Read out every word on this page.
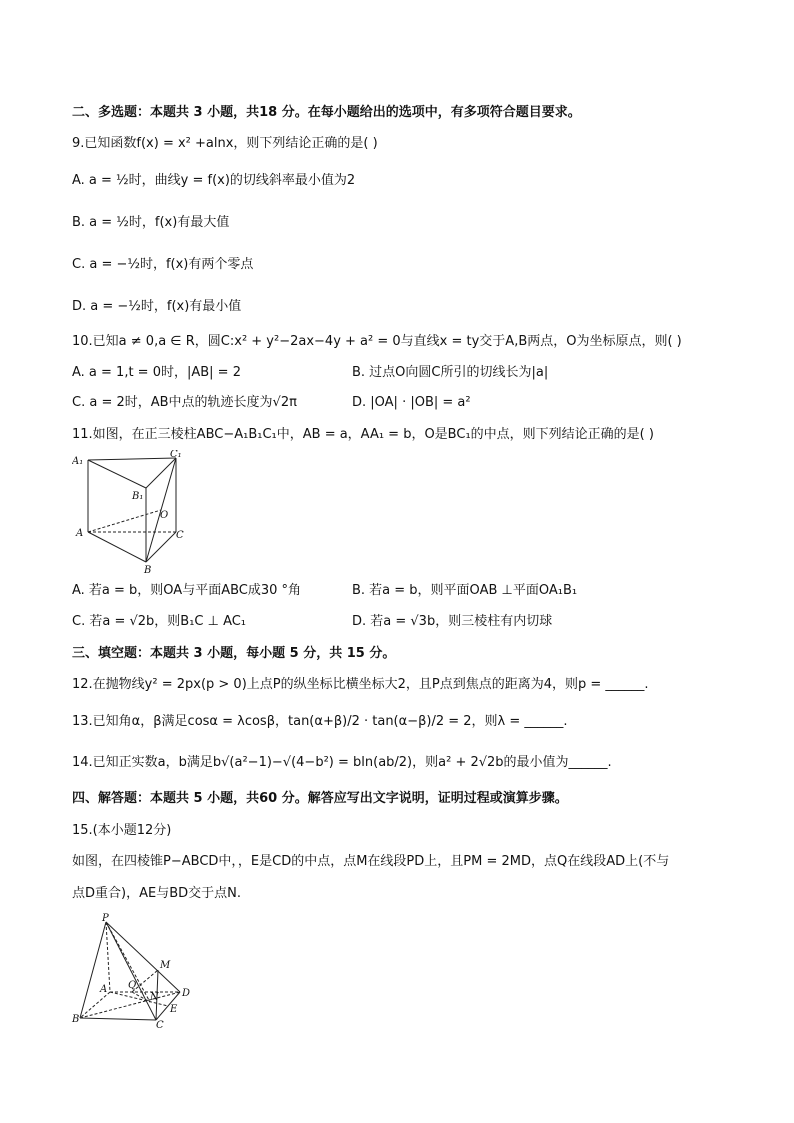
二、多选题：本题共 3 小题，共18 分。在每小题给出的选项中，有多项符合题目要求。
9.已知函数f(x) = x² +alnx，则下列结论正确的是( )
A. a = ½时，曲线y = f(x)的切线斜率最小值为2
B. a = ½时，f(x)有最大值
C. a = −½时，f(x)有两个零点
D. a = −½时，f(x)有最小值
10.已知a ≠ 0,a ∈ R，圆C:x² + y²−2ax−4y + a² = 0与直线x = ty交于A,B两点，O为坐标原点，则( )
A. a = 1,t = 0时，|AB| = 2	B. 过点O向圆C所引的切线长为|a|
C. a = 2时，AB中点的轨迹长度为√2π	D. |OA| · |OB| = a²
11.如图，在正三棱柱ABC−A₁B₁C₁中，AB = a，AA₁ = b，O是BC₁的中点，则下列结论正确的是( )
A₁
C₁
B₁
O
A	C
B
A. 若a = b，则OA与平面ABC成30 °角	B. 若a = b，则平面OAB ⊥平面OA₁B₁
C. 若a = √2b，则B₁C ⊥ AC₁	D. 若a = √3b，则三棱柱有内切球
三、填空题：本题共 3 小题，每小题 5 分，共 15 分。
12.在抛物线y² = 2px(p > 0)上点P的纵坐标比横坐标大2，且P点到焦点的距离为4，则p = ______.
13.已知角α，β满足cosα = λcosβ，tan(α+β)/2 · tan(α−β)/2 = 2，则λ = ______.
14.已知正实数a，b满足b√(a²−1)−√(4−b²) = bln(ab/2)，则a² + 2√2b的最小值为______.
四、解答题：本题共 5 小题，共60 分。解答应写出文字说明，证明过程或演算步骤。
15.(本小题12分)
如图，在四棱锥P−ABCD中，，E是CD的中点，点M在线段PD上，且PM = 2MD，点Q在线段AD上(不与
点D重合)，AE与BD交于点N.
P
M
A Q
N D
E
B
C
